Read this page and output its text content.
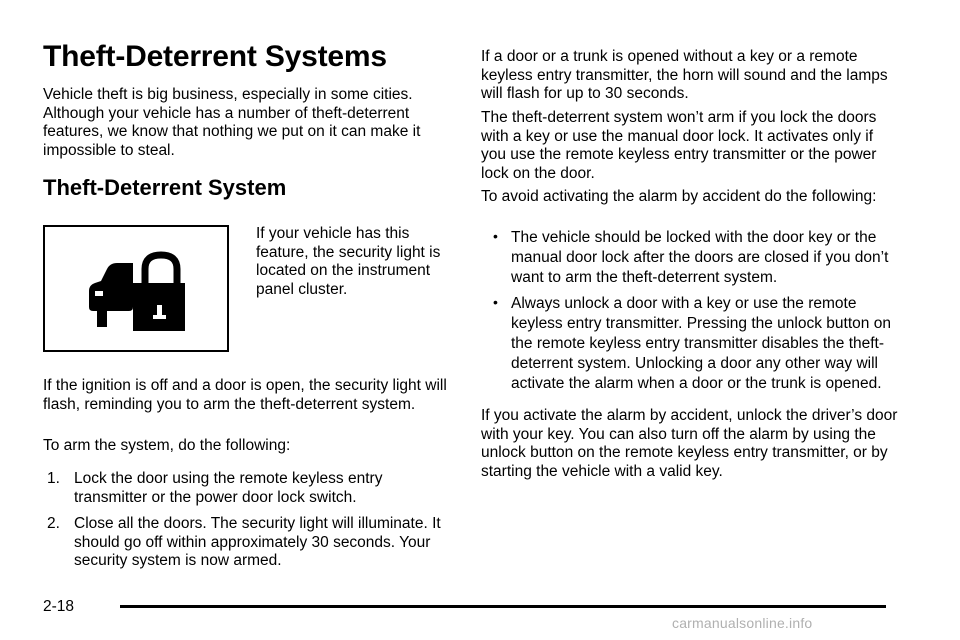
Theft-Deterrent Systems

Vehicle theft is big business, especially in some cities. Although your vehicle has a number of theft-deterrent features, we know that nothing we put on it can make it impossible to steal.

Theft-Deterrent System

If your vehicle has this feature, the security light is located on the instrument panel cluster.

If the ignition is off and a door is open, the security light will flash, reminding you to arm the theft-deterrent system.

To arm the system, do the following:

1. Lock the door using the remote keyless entry transmitter or the power door lock switch.
2. Close all the doors. The security light will illuminate. It should go off within approximately 30 seconds. Your security system is now armed.

If a door or a trunk is opened without a key or a remote keyless entry transmitter, the horn will sound and the lamps will flash for up to 30 seconds.

The theft-deterrent system won’t arm if you lock the doors with a key or use the manual door lock. It activates only if you use the remote keyless entry transmitter or the power lock on the door.

To avoid activating the alarm by accident do the following:

• The vehicle should be locked with the door key or the manual door lock after the doors are closed if you don’t want to arm the theft-deterrent system.
• Always unlock a door with a key or use the remote keyless entry transmitter. Pressing the unlock button on the remote keyless entry transmitter disables the theft-deterrent system. Unlocking a door any other way will activate the alarm when a door or the trunk is opened.

If you activate the alarm by accident, unlock the driver’s door with your key. You can also turn off the alarm by using the unlock button on the remote keyless entry transmitter, or by starting the vehicle with a valid key.

2-18
carmanualsonline.info
